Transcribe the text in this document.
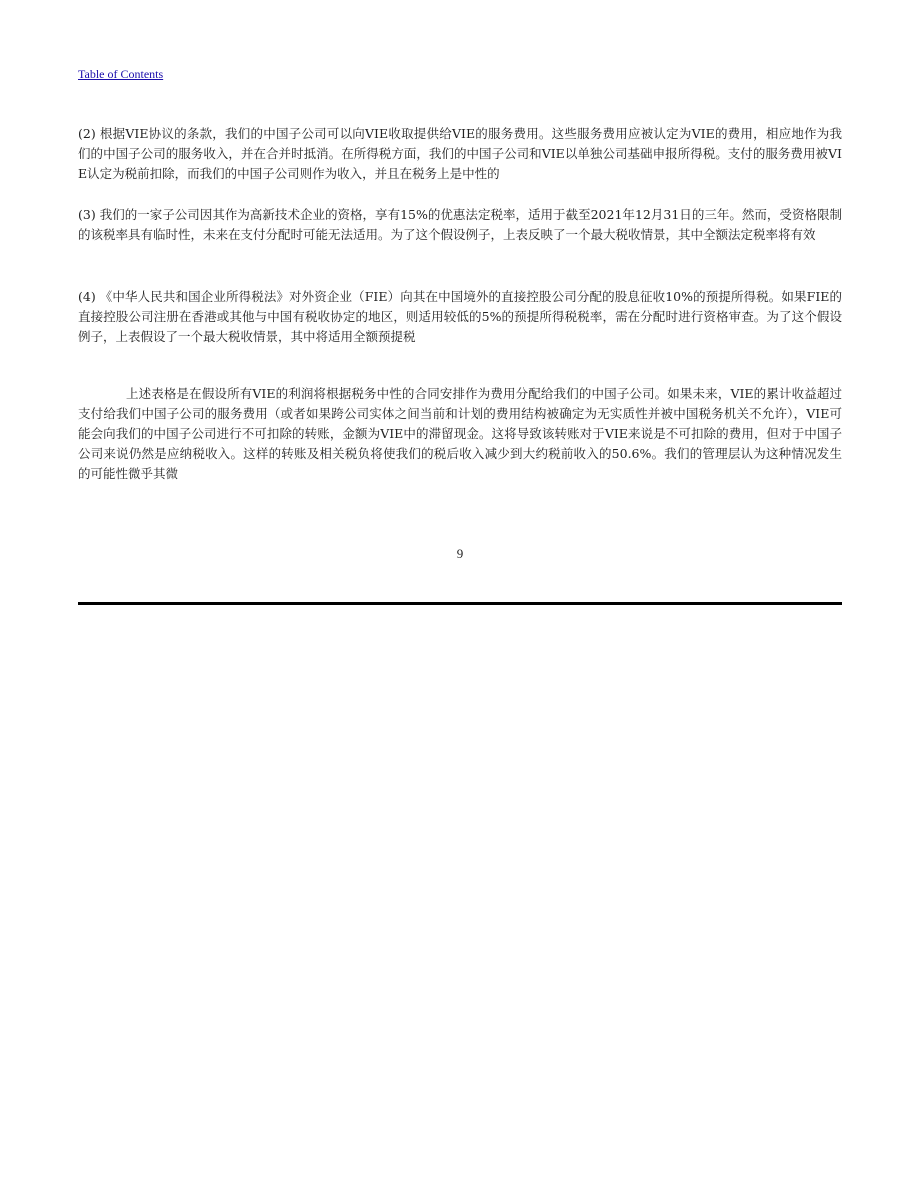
Table of Contents

(2) 根据VIE协议的条款，我们的中国子公司可以向VIE收取提供给VIE的服务费用。这些服务费用应被认定为VIE的费用，相应地作为我们的中国子公司的服务收入，并在合并时抵消。在所得税方面，我们的中国子公司和VIE以单独公司基础申报所得税。支付的服务费用被VIE认定为税前扣除，而我们的中国子公司则作为收入，并且在税务上是中性的

(3) 我们的一家子公司因其作为高新技术企业的资格，享有15%的优惠法定税率，适用于截至2021年12月31日的三年。然而，受资格限制的该税率具有临时性，未来在支付分配时可能无法适用。为了这个假设例子，上表反映了一个最大税收情景，其中全额法定税率将有效

(4) 《中华人民共和国企业所得税法》对外资企业（FIE）向其在中国境外的直接控股公司分配的股息征收10%的预提所得税。如果FIE的直接控股公司注册在香港或其他与中国有税收协定的地区，则适用较低的5%的预提所得税税率，需在分配时进行资格审查。为了这个假设例子，上表假设了一个最大税收情景，其中将适用全额预提税

上述表格是在假设所有VIE的利润将根据税务中性的合同安排作为费用分配给我们的中国子公司。如果未来，VIE的累计收益超过支付给我们中国子公司的服务费用（或者如果跨公司实体之间当前和计划的费用结构被确定为无实质性并被中国税务机关不允许），VIE可能会向我们的中国子公司进行不可扣除的转账，金额为VIE中的滞留现金。这将导致该转账对于VIE来说是不可扣除的费用，但对于中国子公司来说仍然是应纳税收入。这样的转账及相关税负将使我们的税后收入减少到大约税前收入的50.6%。我们的管理层认为这种情况发生的可能性微乎其微

9
